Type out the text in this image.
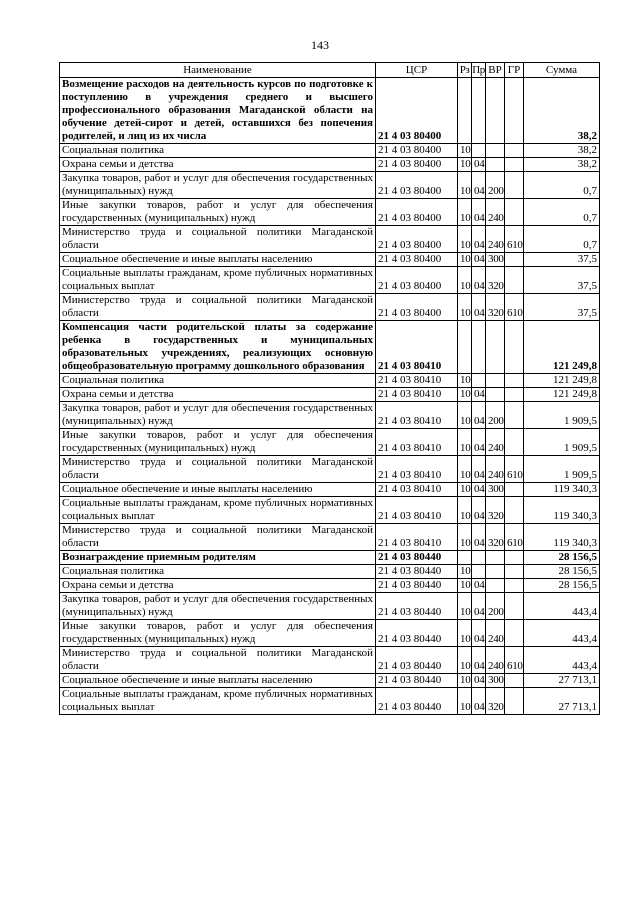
143
Наименование	ЦСР	Рз	Пр	ВР	ГР	Сумма
Возмещение расходов на деятельность курсов по подготовке к поступлению в учреждения среднего и высшего профессионального образования Магаданской области на обучение детей-сирот и детей, оставшихся без попечения родителей, и лиц из их числа	21 4 03 80400					38,2
Социальная политика	21 4 03 80400	10				38,2
Охрана семьи и детства	21 4 03 80400	10	04			38,2
Закупка товаров, работ и услуг для обеспечения государственных (муниципальных) нужд	21 4 03 80400	10	04	200		0,7
Иные закупки товаров, работ и услуг для обеспечения государственных (муниципальных) нужд	21 4 03 80400	10	04	240		0,7
Министерство труда и социальной политики Магаданской области	21 4 03 80400	10	04	240	610	0,7
Социальное обеспечение и иные выплаты населению	21 4 03 80400	10	04	300		37,5
Социальные выплаты гражданам, кроме публичных нормативных социальных выплат	21 4 03 80400	10	04	320		37,5
Министерство труда и социальной политики Магаданской области	21 4 03 80400	10	04	320	610	37,5
Компенсация части родительской платы за содержание ребенка в государственных и муниципальных образовательных учреждениях, реализующих основную общеобразовательную программу дошкольного образования	21 4 03 80410					121 249,8
Социальная политика	21 4 03 80410	10				121 249,8
Охрана семьи и детства	21 4 03 80410	10	04			121 249,8
Закупка товаров, работ и услуг для обеспечения государственных (муниципальных) нужд	21 4 03 80410	10	04	200		1 909,5
Иные закупки товаров, работ и услуг для обеспечения государственных (муниципальных) нужд	21 4 03 80410	10	04	240		1 909,5
Министерство труда и социальной политики Магаданской области	21 4 03 80410	10	04	240	610	1 909,5
Социальное обеспечение и иные выплаты населению	21 4 03 80410	10	04	300		119 340,3
Социальные выплаты гражданам, кроме публичных нормативных социальных выплат	21 4 03 80410	10	04	320		119 340,3
Министерство труда и социальной политики Магаданской области	21 4 03 80410	10	04	320	610	119 340,3
Вознаграждение приемным родителям	21 4 03 80440					28 156,5
Социальная политика	21 4 03 80440	10				28 156,5
Охрана семьи и детства	21 4 03 80440	10	04			28 156,5
Закупка товаров, работ и услуг для обеспечения государственных (муниципальных) нужд	21 4 03 80440	10	04	200		443,4
Иные закупки товаров, работ и услуг для обеспечения государственных (муниципальных) нужд	21 4 03 80440	10	04	240		443,4
Министерство труда и социальной политики Магаданской области	21 4 03 80440	10	04	240	610	443,4
Социальное обеспечение и иные выплаты населению	21 4 03 80440	10	04	300		27 713,1
Социальные выплаты гражданам, кроме публичных нормативных социальных выплат	21 4 03 80440	10	04	320		27 713,1
